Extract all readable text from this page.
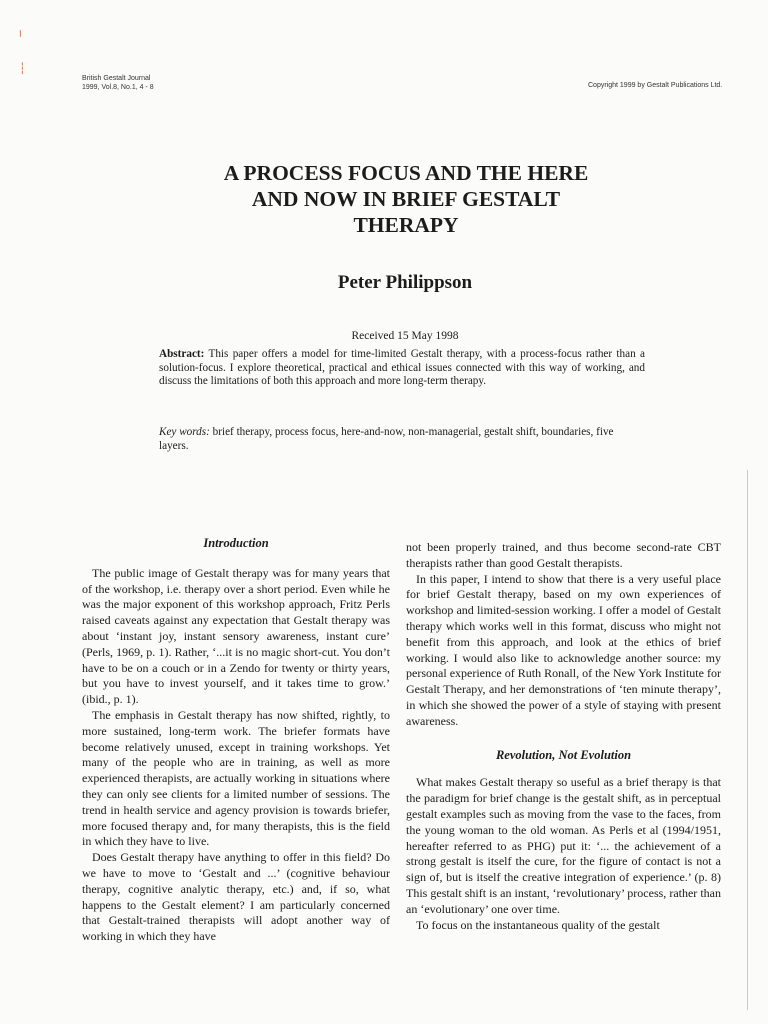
╷
┆
British Gestalt Journal
1999, Vol.8, No.1, 4 - 8	Copyright 1999 by Gestalt Publications Ltd.
A PROCESS FOCUS AND THE HERE
AND NOW IN BRIEF GESTALT
THERAPY
Peter Philippson
Received 15 May 1998

Abstract: This paper offers a model for time-limited Gestalt therapy, with a process-focus rather than a solution-focus. I explore theoretical, practical and ethical issues connected with this way of working, and discuss the limitations of both this approach and more long-term therapy.

Key words: brief therapy, process focus, here-and-now, non-managerial, gestalt shift, boundaries, five layers.

Introduction

The public image of Gestalt therapy was for many years that of the workshop, i.e. therapy over a short period. Even while he was the major exponent of this workshop approach, Fritz Perls raised caveats against any expectation that Gestalt therapy was about ‘instant joy, instant sensory awareness, instant cure’ (Perls, 1969, p. 1). Rather, ‘...it is no magic short-cut. You don’t have to be on a couch or in a Zendo for twenty or thirty years, but you have to invest yourself, and it takes time to grow.’ (ibid., p. 1).

The emphasis in Gestalt therapy has now shifted, rightly, to more sustained, long-term work. The briefer formats have become relatively unused, except in training workshops. Yet many of the people who are in training, as well as more experienced therapists, are actually working in situations where they can only see clients for a limited number of sessions. The trend in health service and agency provision is towards briefer, more focused therapy and, for many therapists, this is the field in which they have to live.

Does Gestalt therapy have anything to offer in this field? Do we have to move to ‘Gestalt and ...’ (cognitive behaviour therapy, cognitive analytic therapy, etc.) and, if so, what happens to the Gestalt element? I am particularly concerned that Gestalt-trained therapists will adopt another way of working in which they have

not been properly trained, and thus become second-rate CBT therapists rather than good Gestalt therapists.

In this paper, I intend to show that there is a very useful place for brief Gestalt therapy, based on my own experiences of workshop and limited-session working. I offer a model of Gestalt therapy which works well in this format, discuss who might not benefit from this approach, and look at the ethics of brief working. I would also like to acknowledge another source: my personal experience of Ruth Ronall, of the New York Institute for Gestalt Therapy, and her demonstrations of ‘ten minute therapy’, in which she showed the power of a style of staying with present awareness.

Revolution, Not Evolution

What makes Gestalt therapy so useful as a brief therapy is that the paradigm for brief change is the gestalt shift, as in perceptual gestalt examples such as moving from the vase to the faces, from the young woman to the old woman. As Perls et al (1994/1951, hereafter referred to as PHG) put it: ‘... the achievement of a strong gestalt is itself the cure, for the figure of contact is not a sign of, but is itself the creative integration of experience.’ (p. 8) This gestalt shift is an instant, ‘revolutionary’ process, rather than an ‘evolutionary’ one over time.

To focus on the instantaneous quality of the gestalt
